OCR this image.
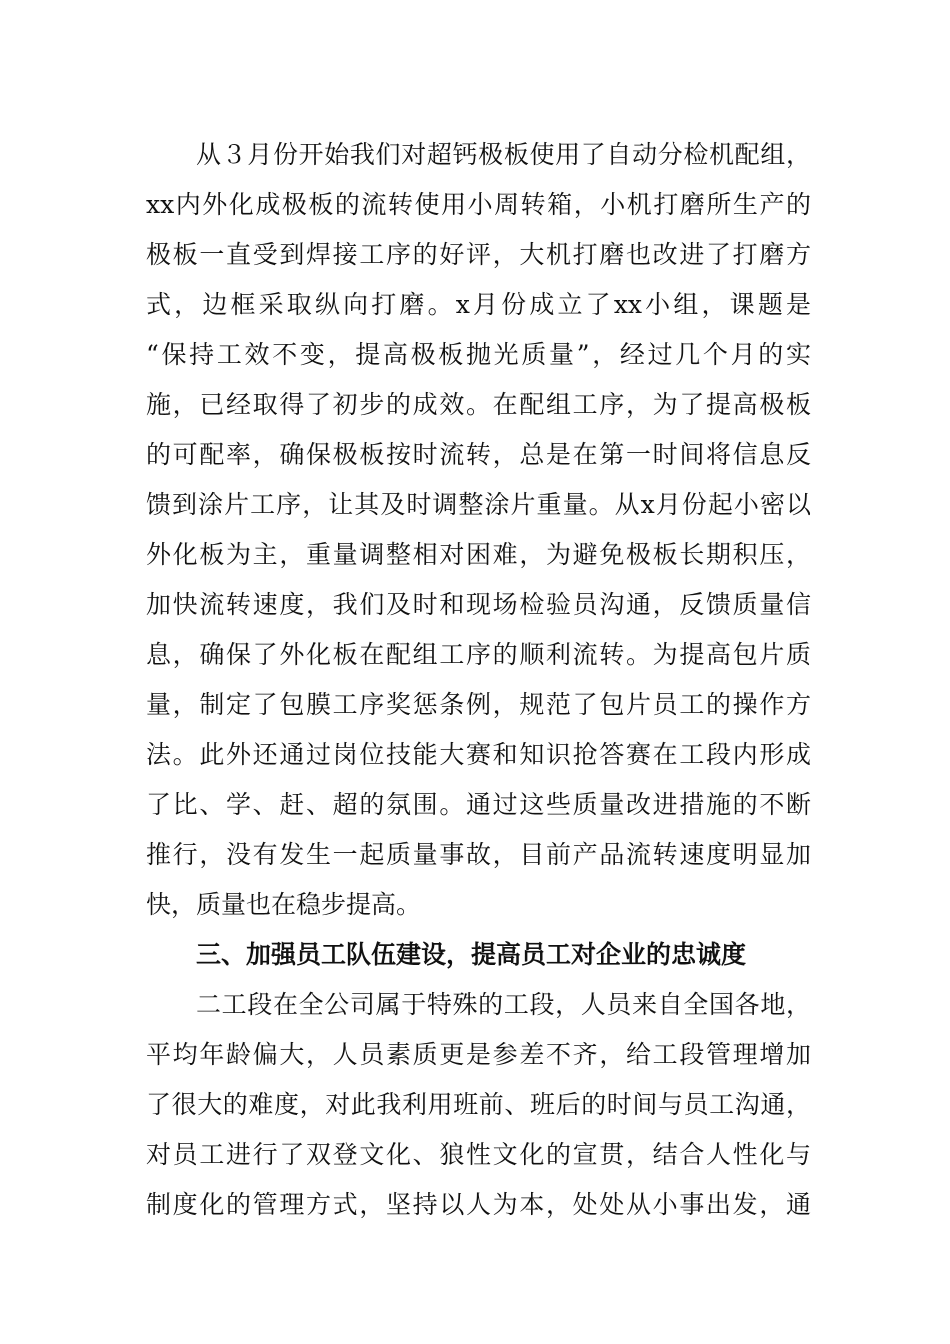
从３月份开始我们对超钙极板使用了自动分检机配组，
xx内外化成极板的流转使用小周转箱，小机打磨所生产的
极板一直受到焊接工序的好评，大机打磨也改进了打磨方
式，边框采取纵向打磨。x月份成立了xx小组，课题是
“保持工效不变，提高极板抛光质量”，经过几个月的实
施，已经取得了初步的成效。在配组工序，为了提高极板
的可配率，确保极板按时流转，总是在第一时间将信息反
馈到涂片工序，让其及时调整涂片重量。从x月份起小密以
外化板为主，重量调整相对困难，为避免极板长期积压，
加快流转速度，我们及时和现场检验员沟通，反馈质量信
息，确保了外化板在配组工序的顺利流转。为提高包片质
量，制定了包膜工序奖惩条例，规范了包片员工的操作方
法。此外还通过岗位技能大赛和知识抢答赛在工段内形成
了比、学、赶、超的氛围。通过这些质量改进措施的不断
推行，没有发生一起质量事故，目前产品流转速度明显加
快，质量也在稳步提高。
三、加强员工队伍建设，提高员工对企业的忠诚度
二工段在全公司属于特殊的工段，人员来自全国各地，
平均年龄偏大，人员素质更是参差不齐，给工段管理增加
了很大的难度，对此我利用班前、班后的时间与员工沟通，
对员工进行了双登文化、狼性文化的宣贯，结合人性化与
制度化的管理方式，坚持以人为本，处处从小事出发，通
